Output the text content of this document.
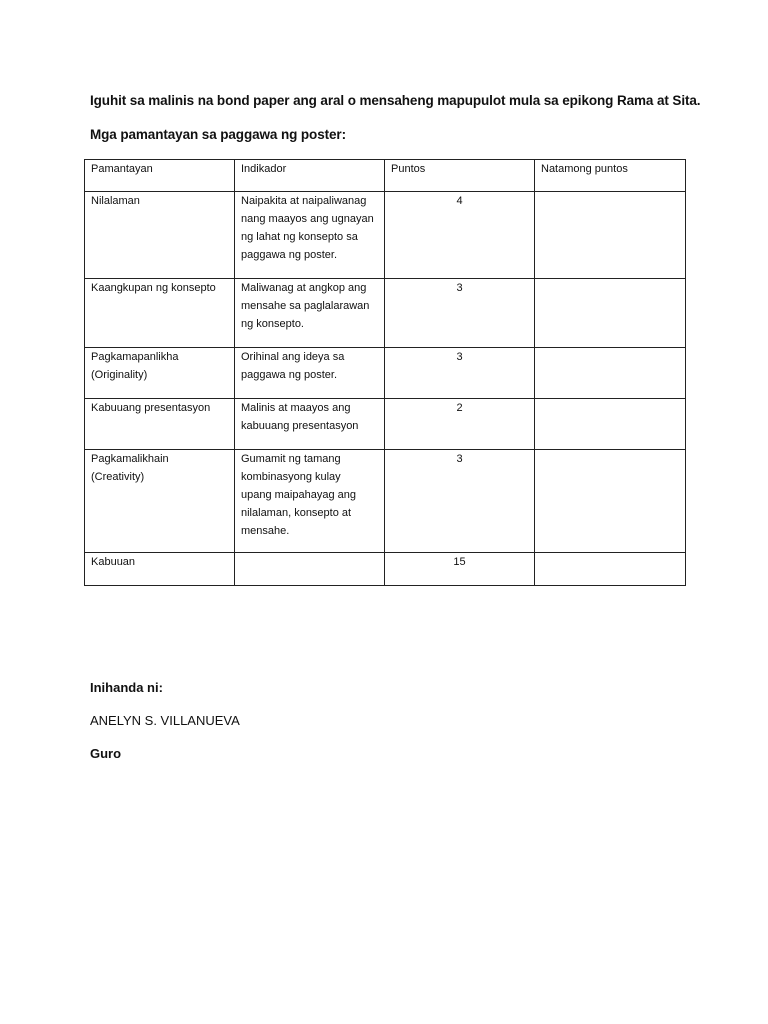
Iguhit sa malinis na bond paper ang aral o mensaheng mapupulot mula sa epikong Rama at Sita.
Mga pamantayan sa paggawa ng poster:
Pamantayan	Indikador	Puntos	Natamong puntos

Nilalaman	Naipakita at naipaliwanag
nang maayos ang ugnayan
ng lahat ng konsepto sa
paggawa ng poster.	4	

Kaangkupan ng konsepto	Maliwanag at angkop ang
mensahe sa paglalarawan
ng konsepto.	3	

Pagkamapanlikha
(Originality)	Orihinal ang ideya sa
paggawa ng poster.	3	

Kabuuang presentasyon	Malinis at maayos ang
kabuuang presentasyon	2	

Pagkamalikhain
(Creativity)	Gumamit ng tamang
kombinasyong kulay
upang maipahayag ang
nilalaman, konsepto at
mensahe.	3	

Kabuuan		15	
Inihanda ni:
ANELYN S. VILLANUEVA
Guro
